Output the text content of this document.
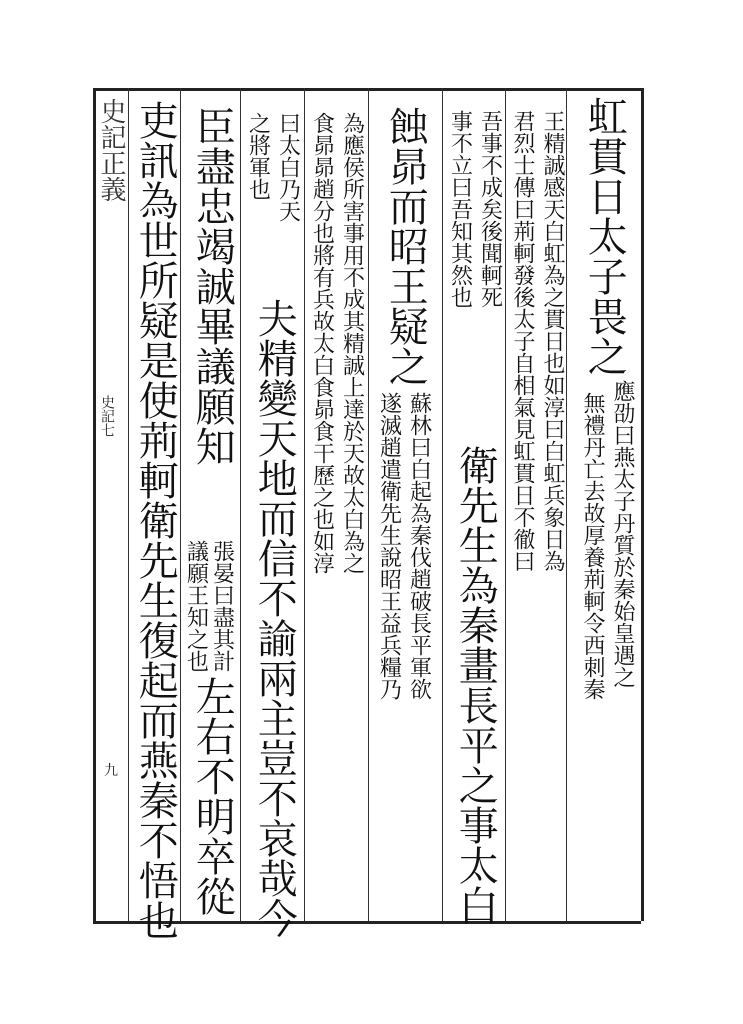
史記正義
史記七
九
虹貫日太子畏之
應劭曰燕太子丹質於秦始皇遇之
無禮丹亡去故厚養荊軻令西刺秦
王精誠感天白虹為之貫日也如淳曰白虹兵象日為
君烈士傳曰荊軻發後太子自相氣見虹貫日不徹曰
吾事不成矣後聞軻死
事不立曰吾知其然也
衛先生為秦畫長平之事太白
蝕昴而昭王疑之
蘇林曰白起為秦伐趙破長平軍欲
遂滅趙遣衛先生說昭王益兵糧乃
為應侯所害事用不成其精誠上達於天故太白為之
食昴昴趙分也將有兵故太白食昴食干歷之也如淳
曰太白乃天
之將軍也
夫精變天地而信不諭兩主豈不哀哉今
臣盡忠竭誠畢議願知
張晏曰盡其計
議願王知之也
左右不明卒從
吏訊為世所疑是使荊軻衛先生復起而燕秦不悟也
